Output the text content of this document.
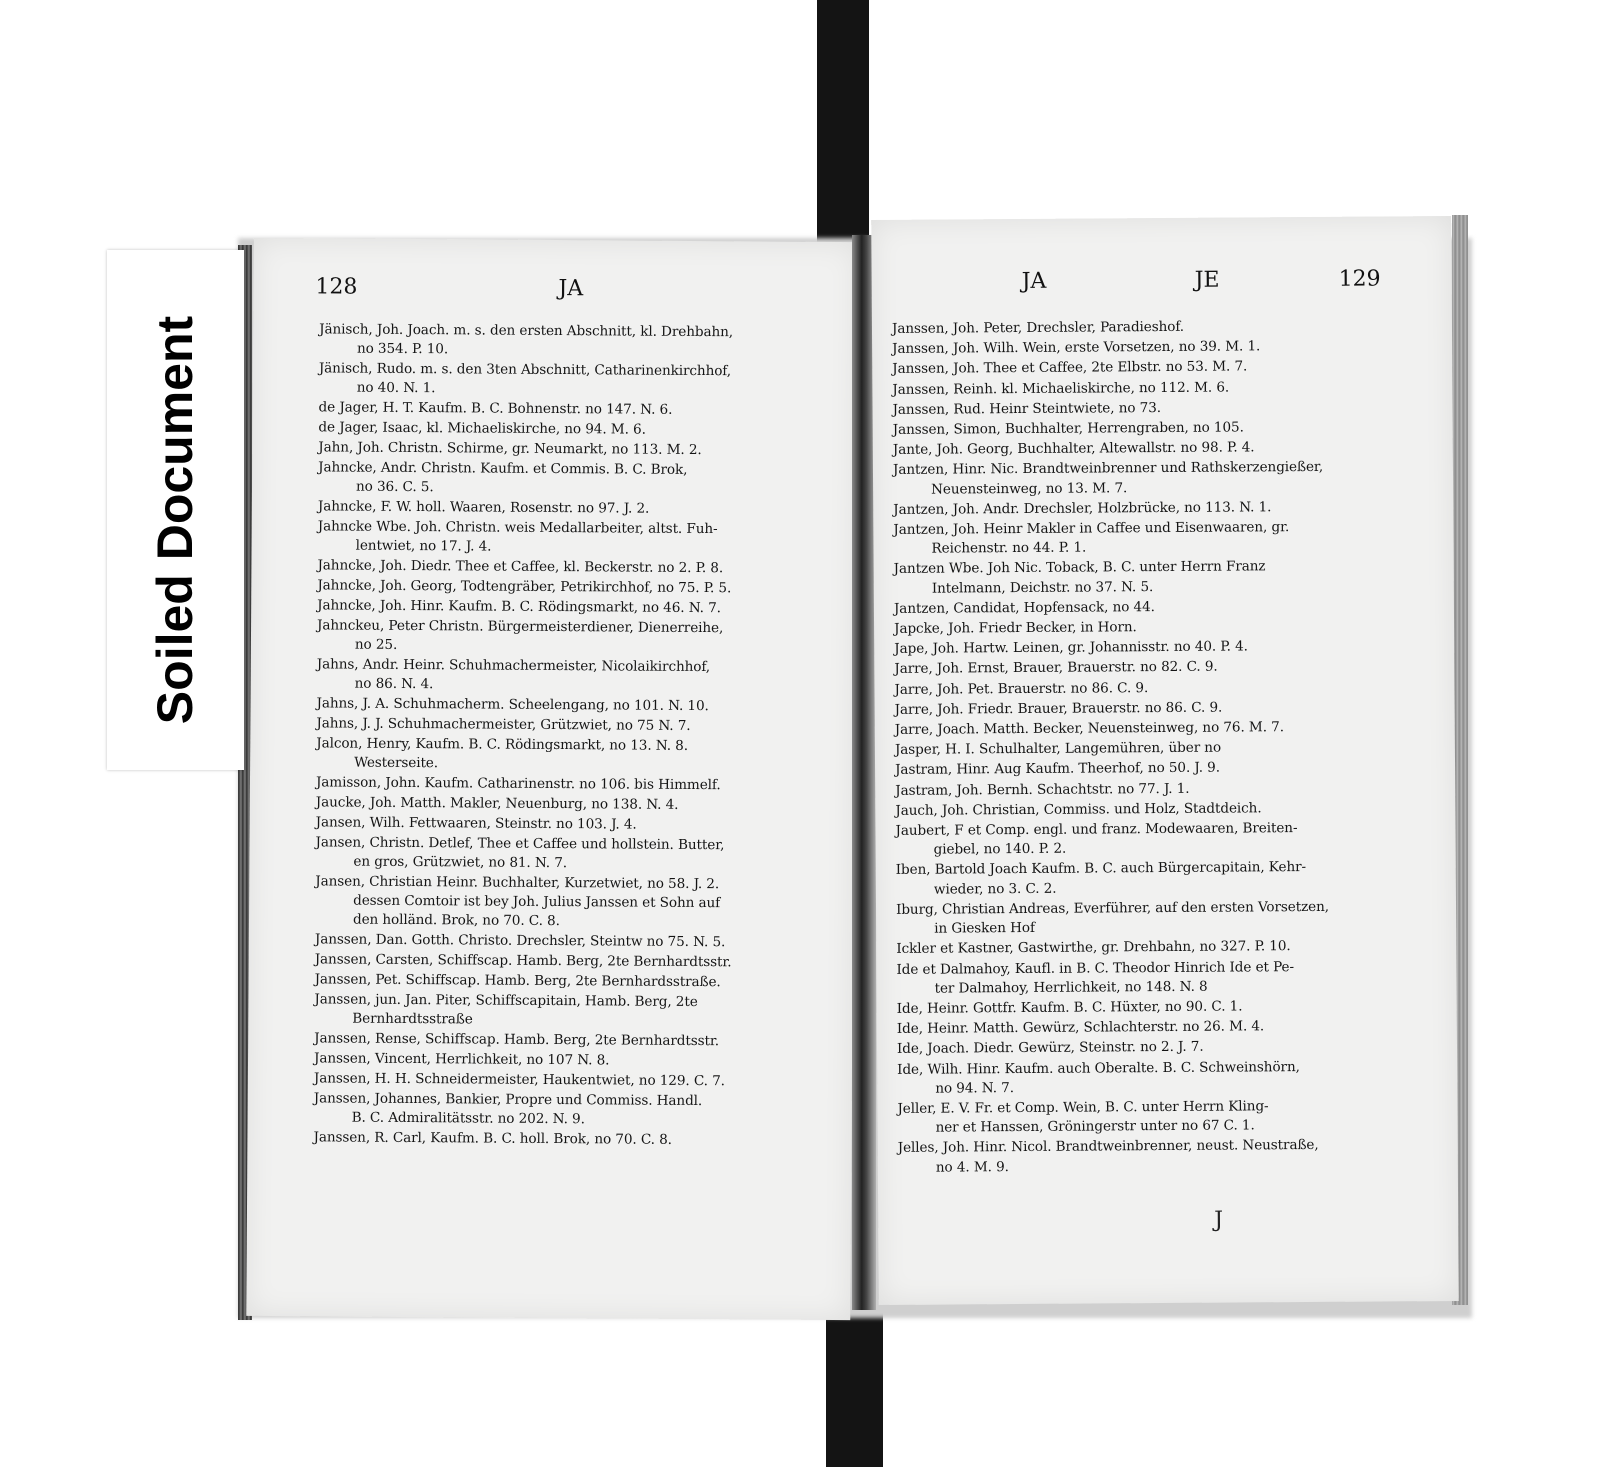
128	JA
Jänisch, Joh. Joach. m. s. den ersten Abschnitt, kl. Drehbahn,
no 354. P. 10.
Jänisch, Rudo. m. s. den 3ten Abschnitt, Catharinenkirchhof,
no 40. N. 1.
de Jager, H. T. Kaufm. B. C. Bohnenstr. no 147. N. 6.
de Jager, Isaac, kl. Michaeliskirche, no 94. M. 6.
Jahn, Joh. Christn. Schirme, gr. Neumarkt, no 113. M. 2.
Jahncke, Andr. Christn. Kaufm. et Commis. B. C. Brok,
no 36. C. 5.
Jahncke, F. W. holl. Waaren, Rosenstr. no 97. J. 2.
Jahncke Wbe. Joh. Christn. weis Medallarbeiter, altst. Fuh-
lentwiet, no 17. J. 4.
Jahncke, Joh. Diedr. Thee et Caffee, kl. Beckerstr. no 2. P. 8.
Jahncke, Joh. Georg, Todtengräber, Petrikirchhof, no 75. P. 5.
Jahncke, Joh. Hinr. Kaufm. B. C. Rödingsmarkt, no 46. N. 7.
Jahnckeu, Peter Christn. Bürgermeisterdiener, Dienerreihe,
no 25.
Jahns, Andr. Heinr. Schuhmachermeister, Nicolaikirchhof,
no 86. N. 4.
Jahns, J. A. Schuhmacherm. Scheelengang, no 101. N. 10.
Jahns, J. J. Schuhmachermeister, Grützwiet, no 75 N. 7.
Jalcon, Henry, Kaufm. B. C. Rödingsmarkt, no 13. N. 8.
Westerseite.
Jamisson, John. Kaufm. Catharinenstr. no 106. bis Himmelf.
Jaucke, Joh. Matth. Makler, Neuenburg, no 138. N. 4.
Jansen, Wilh. Fettwaaren, Steinstr. no 103. J. 4.
Jansen, Christn. Detlef, Thee et Caffee und hollstein. Butter,
en gros, Grützwiet, no 81. N. 7.
Jansen, Christian Heinr. Buchhalter, Kurzetwiet, no 58. J. 2.
dessen Comtoir ist bey Joh. Julius Janssen et Sohn auf
den holländ. Brok, no 70. C. 8.
Janssen, Dan. Gotth. Christo. Drechsler, Steintw no 75. N. 5.
Janssen, Carsten, Schiffscap. Hamb. Berg, 2te Bernhardtsstr.
Janssen, Pet. Schiffscap. Hamb. Berg, 2te Bernhardsstraße.
Janssen, jun. Jan. Piter, Schiffscapitain, Hamb. Berg, 2te
Bernhardtsstraße
Janssen, Rense, Schiffscap. Hamb. Berg, 2te Bernhardtsstr.
Janssen, Vincent, Herrlichkeit, no 107 N. 8.
Janssen, H. H. Schneidermeister, Haukentwiet, no 129. C. 7.
Janssen, Johannes, Bankier, Propre und Commiss. Handl.
B. C. Admiralitätsstr. no 202. N. 9.
Janssen, R. Carl, Kaufm. B. C. holl. Brok, no 70. C. 8.
JA	JE	129
Janssen, Joh. Peter, Drechsler, Paradieshof.
Janssen, Joh. Wilh. Wein, erste Vorsetzen, no 39. M. 1.
Janssen, Joh. Thee et Caffee, 2te Elbstr. no 53. M. 7.
Janssen, Reinh. kl. Michaeliskirche, no 112. M. 6.
Janssen, Rud. Heinr Steintwiete, no 73.
Janssen, Simon, Buchhalter, Herrengraben, no 105.
Jante, Joh. Georg, Buchhalter, Altewallstr. no 98. P. 4.
Jantzen, Hinr. Nic. Brandtweinbrenner und Rathskerzengießer,
Neuensteinweg, no 13. M. 7.
Jantzen, Joh. Andr. Drechsler, Holzbrücke, no 113. N. 1.
Jantzen, Joh. Heinr Makler in Caffee und Eisenwaaren, gr.
Reichenstr. no 44. P. 1.
Jantzen Wbe. Joh Nic. Toback, B. C. unter Herrn Franz
Intelmann, Deichstr. no 37. N. 5.
Jantzen, Candidat, Hopfensack, no 44.
Japcke, Joh. Friedr Becker, in Horn.
Jape, Joh. Hartw. Leinen, gr. Johannisstr. no 40. P. 4.
Jarre, Joh. Ernst, Brauer, Brauerstr. no 82. C. 9.
Jarre, Joh. Pet. Brauerstr. no 86. C. 9.
Jarre, Joh. Friedr. Brauer, Brauerstr. no 86. C. 9.
Jarre, Joach. Matth. Becker, Neuensteinweg, no 76. M. 7.
Jasper, H. I. Schulhalter, Langemühren, über no
Jastram, Hinr. Aug Kaufm. Theerhof, no 50. J. 9.
Jastram, Joh. Bernh. Schachtstr. no 77. J. 1.
Jauch, Joh. Christian, Commiss. und Holz, Stadtdeich.
Jaubert, F et Comp. engl. und franz. Modewaaren, Breiten-
giebel, no 140. P. 2.
Iben, Bartold Joach Kaufm. B. C. auch Bürgercapitain, Kehr-
wieder, no 3. C. 2.
Iburg, Christian Andreas, Everführer, auf den ersten Vorsetzen,
in Giesken Hof
Ickler et Kastner, Gastwirthe, gr. Drehbahn, no 327. P. 10.
Ide et Dalmahoy, Kaufl. in B. C. Theodor Hinrich Ide et Pe-
ter Dalmahoy, Herrlichkeit, no 148. N. 8
Ide, Heinr. Gottfr. Kaufm. B. C. Hüxter, no 90. C. 1.
Ide, Heinr. Matth. Gewürz, Schlachterstr. no 26. M. 4.
Ide, Joach. Diedr. Gewürz, Steinstr. no 2. J. 7.
Ide, Wilh. Hinr. Kaufm. auch Oberalte. B. C. Schweinshörn,
no 94. N. 7.
Jeller, E. V. Fr. et Comp. Wein, B. C. unter Herrn Kling-
ner et Hanssen, Gröningerstr unter no 67 C. 1.
Jelles, Joh. Hinr. Nicol. Brandtweinbrenner, neust. Neustraße,
no 4. M. 9.
J
Soiled Document
